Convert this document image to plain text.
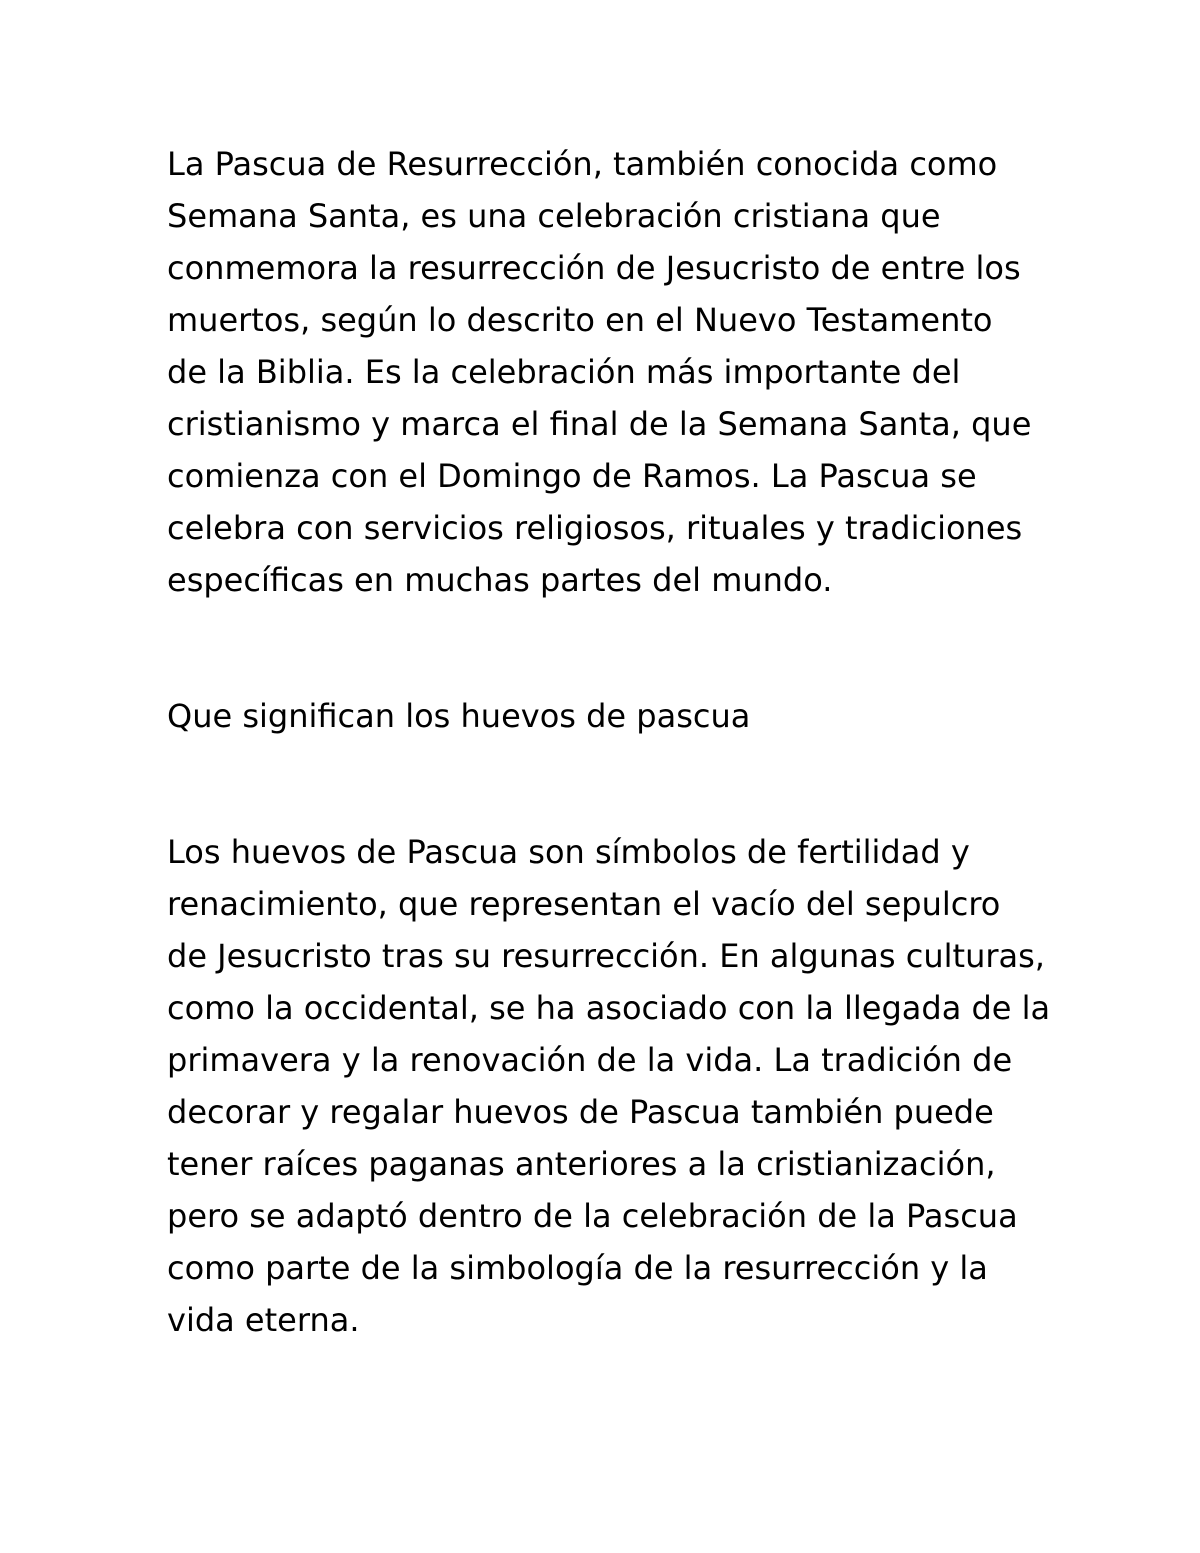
La Pascua de Resurrección, también conocida como
Semana Santa, es una celebración cristiana que
conmemora la resurrección de Jesucristo de entre los
muertos, según lo descrito en el Nuevo Testamento
de la Biblia. Es la celebración más importante del
cristianismo y marca el final de la Semana Santa, que
comienza con el Domingo de Ramos. La Pascua se
celebra con servicios religiosos, rituales y tradiciones
específicas en muchas partes del mundo.
Que significan los huevos de pascua
Los huevos de Pascua son símbolos de fertilidad y
renacimiento, que representan el vacío del sepulcro
de Jesucristo tras su resurrección. En algunas culturas,
como la occidental, se ha asociado con la llegada de la
primavera y la renovación de la vida. La tradición de
decorar y regalar huevos de Pascua también puede
tener raíces paganas anteriores a la cristianización,
pero se adaptó dentro de la celebración de la Pascua
como parte de la simbología de la resurrección y la
vida eterna.
